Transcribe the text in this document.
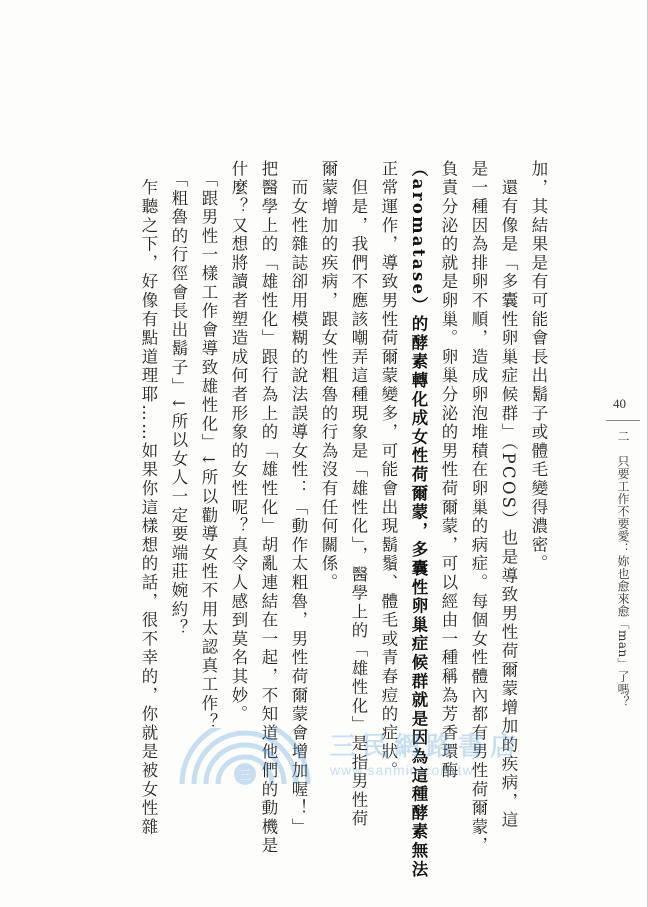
40
二　只要工作不要愛：妳也愈來愈「man」了嗎？
加，其結果是有可能會長出鬍子或體毛變得濃密。
　還有像是「多囊性卵巢症候群」（PCOS）也是導致男性荷爾蒙增加的疾病，這
是一種因為排卵不順，造成卵泡堆積在卵巢的病症。每個女性體內都有男性荷爾蒙，
負責分泌的就是卵巢。卵巢分泌的男性荷爾蒙，可以經由一種稱為芳香環酶
（aromatase）的酵素轉化成女性荷爾蒙，多囊性卵巢症候群就是因為這種酵素無法
正常運作，導致男性荷爾蒙變多，可能會出現鬍鬚、體毛或青春痘的症狀。
　但是，我們不應該嘲弄這種現象是「雄性化」，醫學上的「雄性化」是指男性荷
爾蒙增加的疾病，跟女性粗魯的行為沒有任何關係。
　而女性雜誌卻用模糊的說法誤導女性：「動作太粗魯，男性荷爾蒙會增加喔！」
把醫學上的「雄性化」跟行為上的「雄性化」胡亂連結在一起，不知道他們的動機是
什麼？又想將讀者塑造成何者形象的女性呢？真令人感到莫名其妙。
　「跟男性一樣工作會導致雄性化」↓所以勸導女性不用太認真工作？
　「粗魯的行徑會長出鬍子」↓所以女人一定要端莊婉約？
　乍聽之下，好像有點道理耶……如果你這樣想的話，很不幸的，你就是被女性雜	三
三民網路書店
www.sanmin.com.tw
